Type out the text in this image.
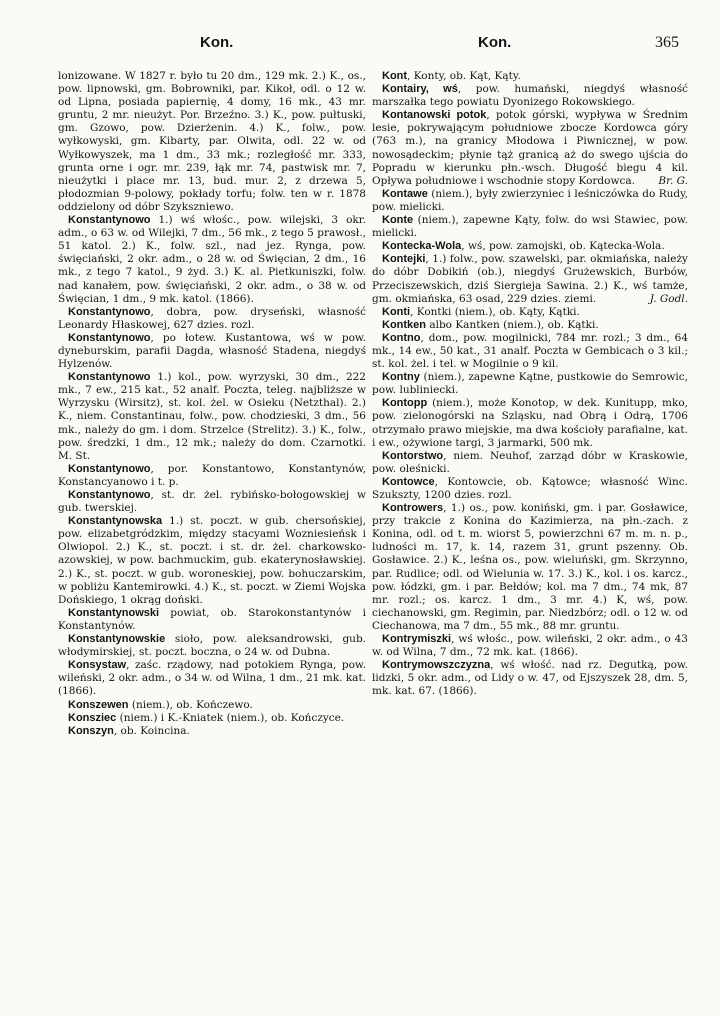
Kon.	Kon.	365

lonizowane. W 1827 r. było tu 20 dm., 129 mk. 2.) K., os., pow. lipnowski, gm. Bobrowniki, par. Kikoł, odl. o 12 w. od Lipna, posiada papiernię, 4 domy, 16 mk., 43 mr. gruntu, 2 mr. nieużyt. Por. Brzeźno. 3.) K., pow. pułtuski, gm. Gzowo, pow. Dzierżenin. 4.) K., folw., pow. wyłkowyski, gm. Kibarty, par. Olwita, odl. 22 w. od Wyłkowyszek, ma 1 dm., 33 mk.; rozległość mr. 333, grunta orne i ogr. mr. 239, łąk mr. 74, pastwisk mr. 7, nieużytki i place mr. 13, bud. mur. 2, z drzewa 5, płodozmian 9-polowy, pokłady torfu; folw. ten w r. 1878 oddzielony od dóbr Szykszniewo.

Konstantynowo 1.) wś włośc., pow. wilejski, 3 okr. adm., o 63 w. od Wilejki, 7 dm., 56 mk., z tego 5 prawosł., 51 katol. 2.) K., folw. szl., nad jez. Rynga, pow. święciański, 2 okr. adm., o 28 w. od Święcian, 2 dm., 16 mk., z tego 7 katol., 9 żyd. 3.) K. al. Pietkuniszki, folw. nad kanałem, pow. święciański, 2 okr. adm., o 38 w. od Święcian, 1 dm., 9 mk. katol. (1866).

Konstantynowo, dobra, pow. dryseński, własność Leonardy Hłaskowej, 627 dzies. rozl.

Konstantynowo, po łotew. Kustantowa, wś w pow. dyneburskim, parafii Dagda, własność Stadena, niegdyś Hylzenów.

Konstantynowo 1.) kol., pow. wyrzyski, 30 dm., 222 mk., 7 ew., 215 kat., 52 analf. Poczta, teleg. najbliższe w Wyrzysku (Wirsitz), st. kol. żel. w Osieku (Netzthal). 2.) K., niem. Constantinau, folw., pow. chodzieski, 3 dm., 56 mk., należy do gm. i dom. Strzelce (Strelitz). 3.) K., folw., pow. średzki, 1 dm., 12 mk.; należy do dom. Czarnotki. M. St.

Konstantynowo, por. Konstantowo, Konstantynów, Konstancyanowo i t. p.

Konstantynowo, st. dr. żel. rybińsko-bołogowskiej w gub. twerskiej.

Konstantynowska 1.) st. poczt. w gub. chersońskiej, pow. elizabetgródzkim, między stacyami Wozniesieńsk i Olwiopol. 2.) K., st. poczt. i st. dr. żel. charkowsko-azowskiej, w pow. bachmuckim, gub. ekaterynosławskiej. 2.) K., st. poczt. w gub. woroneskiej, pow. bohuczarskim, w pobliżu Kantemirowki. 4.) K., st. poczt. w Ziemi Wojska Dońskiego, 1 okrąg doński.

Konstantynowski powiat, ob. Starokonstantynów i Konstantynów.

Konstantynowskie sioło, pow. aleksandrowski, gub. włodymirskiej, st. poczt. boczna, o 24 w. od Dubna.

Konsystaw, zaśc. rządowy, nad potokiem Rynga, pow. wileński, 2 okr. adm., o 34 w. od Wilna, 1 dm., 21 mk. kat. (1866).

Konszewen (niem.), ob. Kończewo.

Konsziec (niem.) i K.-Kniatek (niem.), ob. Kończyce.

Konszyn, ob. Koincina.

Kont, Konty, ob. Kąt, Kąty.

Kontairy, wś, pow. humański, niegdyś własność marszałka tego powiatu Dyonizego Rokowskiego.

Kontanowski potok, potok górski, wypływa w Średnim lesie, pokrywającym południowe zbocze Kordowca góry (763 m.), na granicy Młodowa i Piwnicznej, w pow. nowosądeckim; płynie tąż granicą aż do swego ujścia do Popradu w kierunku płn.-wsch. Długość biegu 4 kil. Opływa południowe i wschodnie stopy Kordowca.	Br. G.

Kontawe (niem.), były zwierzyniec i leśniczówka do Rudy, pow. mielicki.

Konte (niem.), zapewne Kąty, folw. do wsi Stawiec, pow. mielicki.

Kontecka-Wola, wś, pow. zamojski, ob. Kątecka-Wola.

Kontejki, 1.) folw., pow. szawelski, par. okmiańska, należy do dóbr Dobikiń (ob.), niegdyś Grużewskich, Burbów, Przeciszewskich, dziś Siergieja Sawina. 2.) K., wś tamże, gm. okmiańska, 63 osad, 229 dzies. ziemi.	J. Godl.

Konti, Kontki (niem.), ob. Kąty, Kątki.

Kontken albo Kantken (niem.), ob. Kątki.

Kontno, dom., pow. mogilnicki, 784 mr. rozl.; 3 dm., 64 mk., 14 ew., 50 kat., 31 analf. Poczta w Gembicach o 3 kil.; st. kol. żel. i tel. w Mogilnie o 9 kil.

Kontny (niem.), zapewne Kątne, pustkowie do Semrowic, pow. lubliniecki.

Kontopp (niem.), może Konotop, w dek. Kunitupp, mko, pow. zielonogórski na Szląsku, nad Obrą i Odrą, 1706 otrzymało prawo miejskie, ma dwa kościoły parafialne, kat. i ew., ożywione targi, 3 jarmarki, 500 mk.

Kontorstwo, niem. Neuhof, zarząd dóbr w Kraskowie, pow. oleśnicki.

Kontowce, Kontowcie, ob. Kątowce; własność Winc. Szukszty, 1200 dzies. rozl.

Kontrowers, 1.) os., pow. koniński, gm. i par. Gosławice, przy trakcie z Konina do Kazimierza, na płn.-zach. z Konina, odl. od t. m. wiorst 5, powierzchni 67 m. m. n. p., ludności m. 17, k. 14, razem 31, grunt pszenny. Ob. Gosławice. 2.) K., leśna os., pow. wieluński, gm. Skrzynno, par. Rudlice; odl. od Wielunia w. 17. 3.) K., kol. i os. karcz., pow. łódzki, gm. i par. Bełdów; kol. ma 7 dm., 74 mk, 87 mr. rozl.; os. karcz. 1 dm., 3 mr. 4.) K, wś, pow. ciechanowski, gm. Regimin, par. Niedzbórz; odl. o 12 w. od Ciechanowa, ma 7 dm., 55 mk., 88 mr. gruntu.

Kontrymiszki, wś włośc., pow. wileński, 2 okr. adm., o 43 w. od Wilna, 7 dm., 72 mk. kat. (1866).

Kontrymowszczyzna, wś włość. nad rz. Degutką, pow. lidzki, 5 okr. adm., od Lidy o w. 47, od Ejszyszek 28, dm. 5, mk. kat. 67. (1866).
